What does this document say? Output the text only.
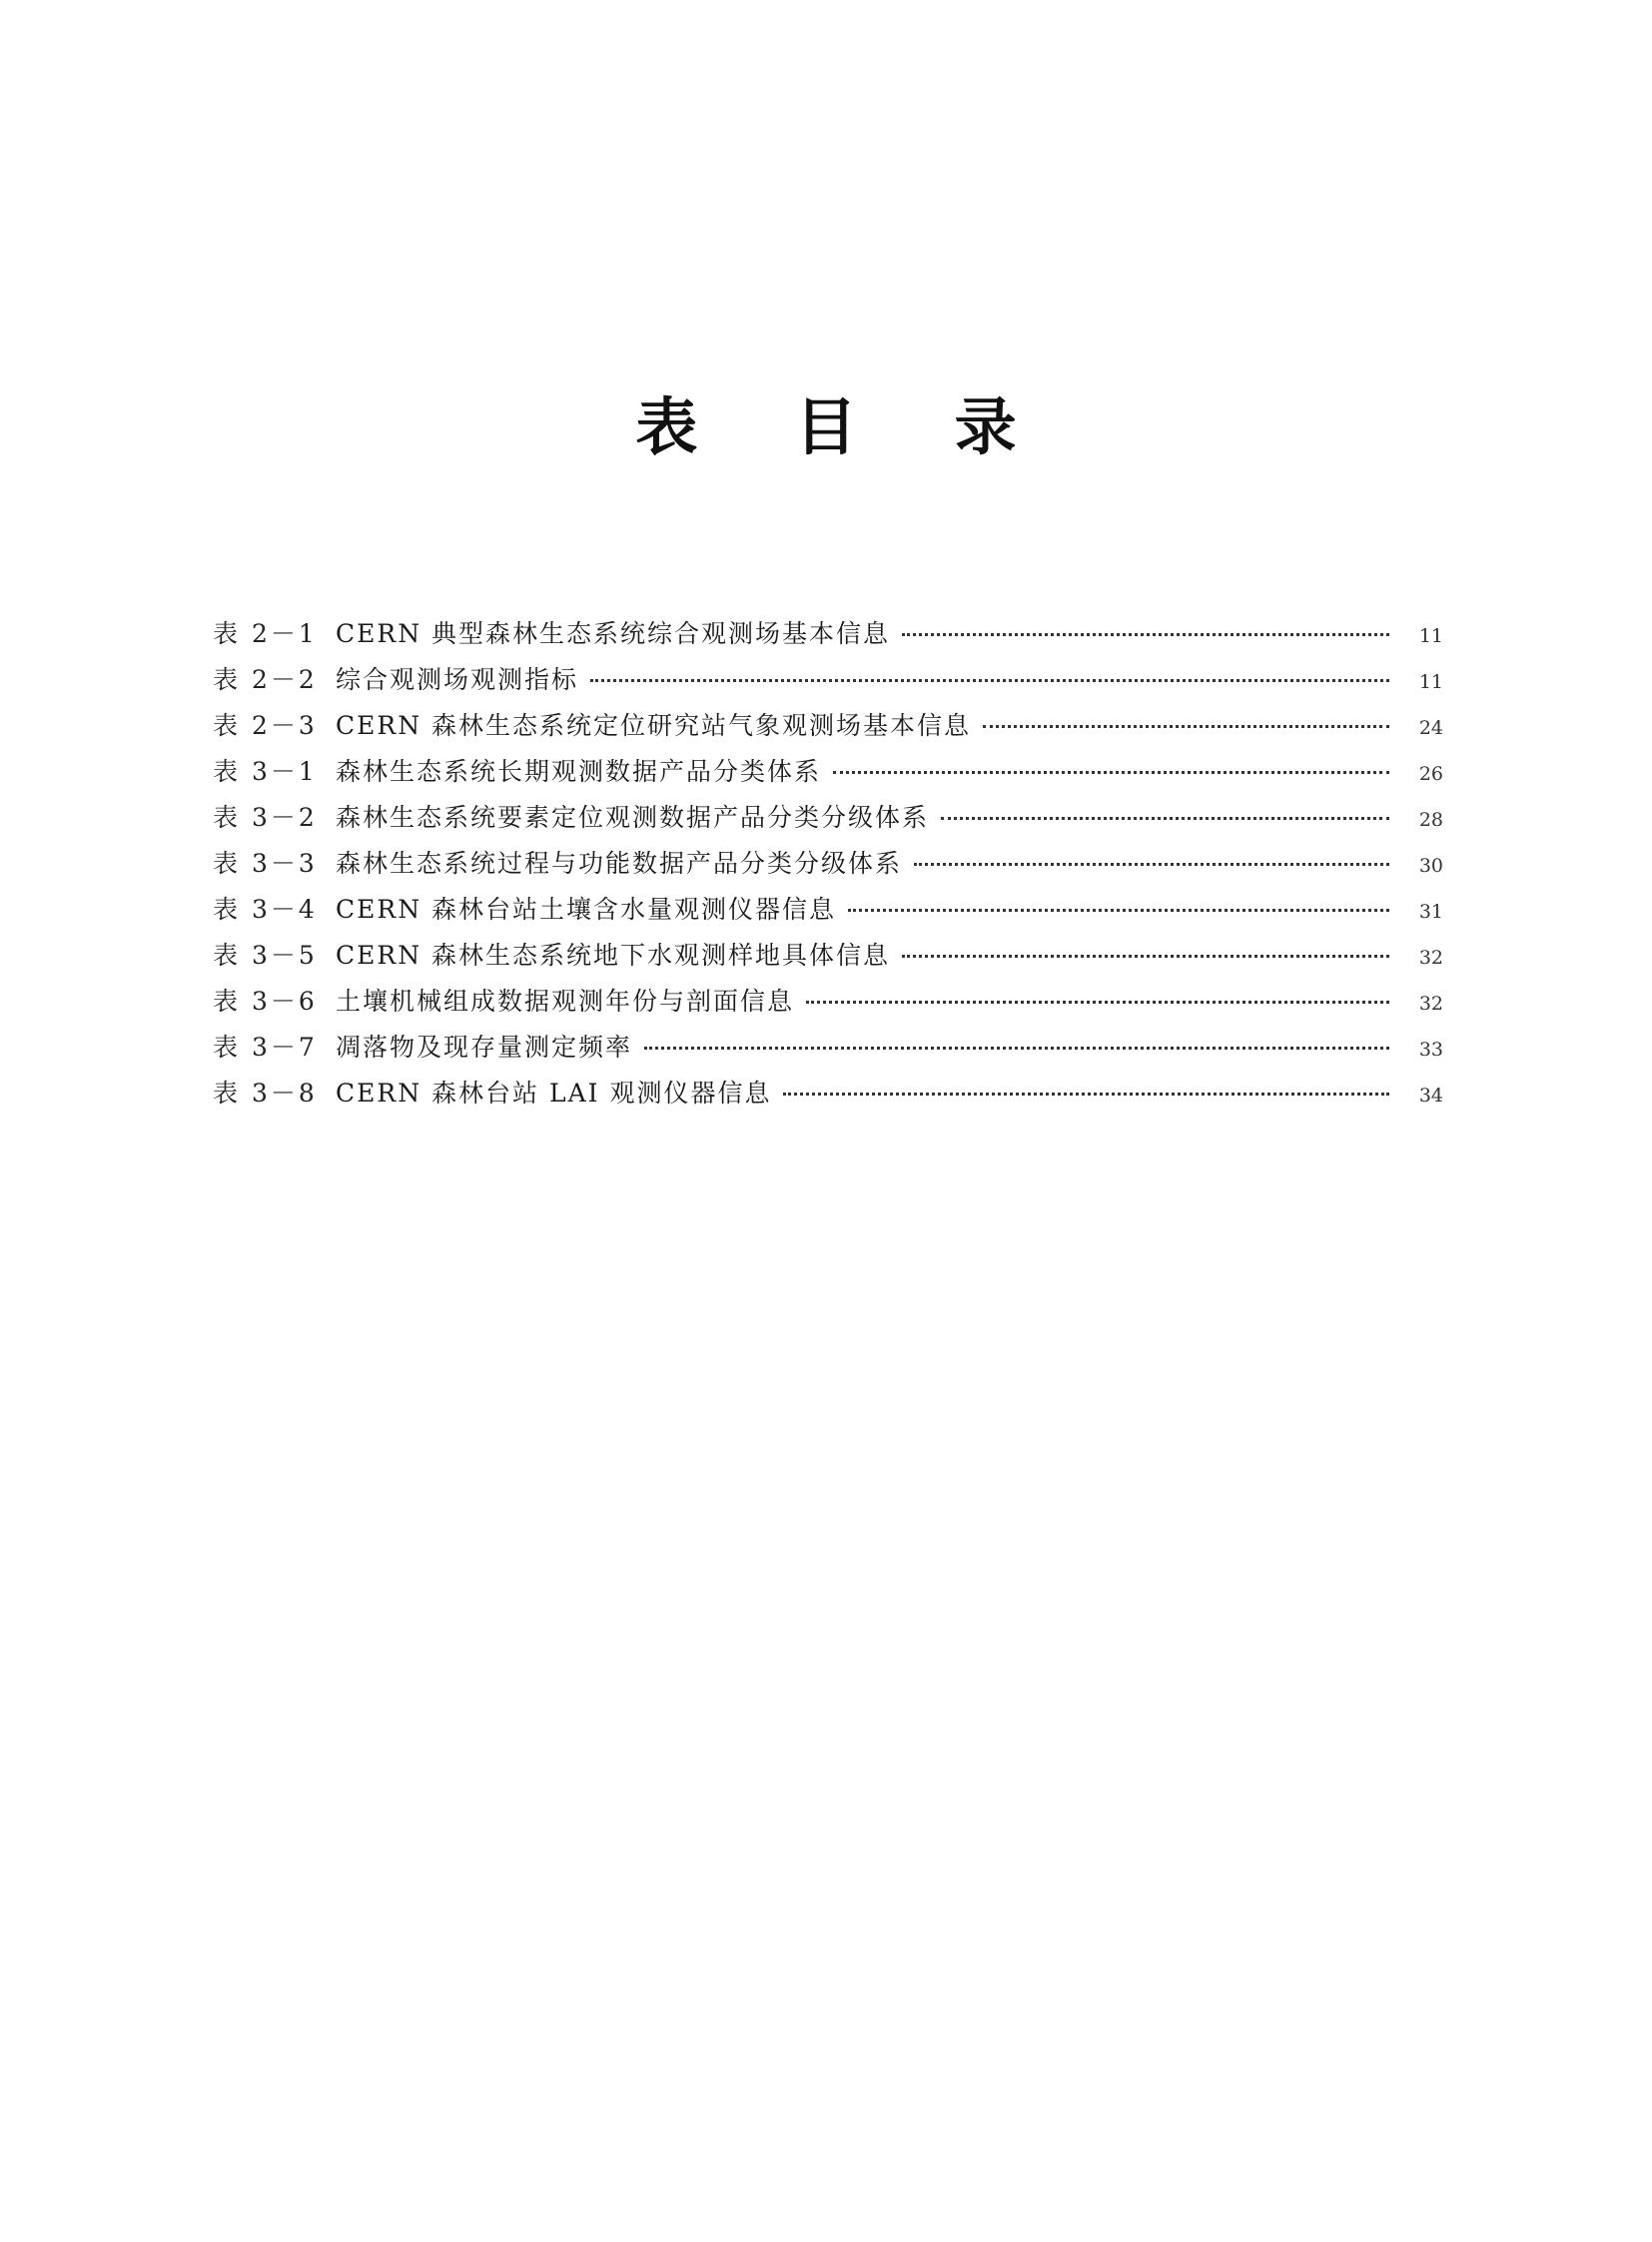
表 目 录
表 2－1 CERN 典型森林生态系统综合观测场基本信息	11
表 2－2 综合观测场观测指标	11
表 2－3 CERN 森林生态系统定位研究站气象观测场基本信息	24
表 3－1 森林生态系统长期观测数据产品分类体系	26
表 3－2 森林生态系统要素定位观测数据产品分类分级体系	28
表 3－3 森林生态系统过程与功能数据产品分类分级体系	30
表 3－4 CERN 森林台站土壤含水量观测仪器信息	31
表 3－5 CERN 森林生态系统地下水观测样地具体信息	32
表 3－6 土壤机械组成数据观测年份与剖面信息	32
表 3－7 凋落物及现存量测定频率	33
表 3－8 CERN 森林台站 LAI 观测仪器信息	34
